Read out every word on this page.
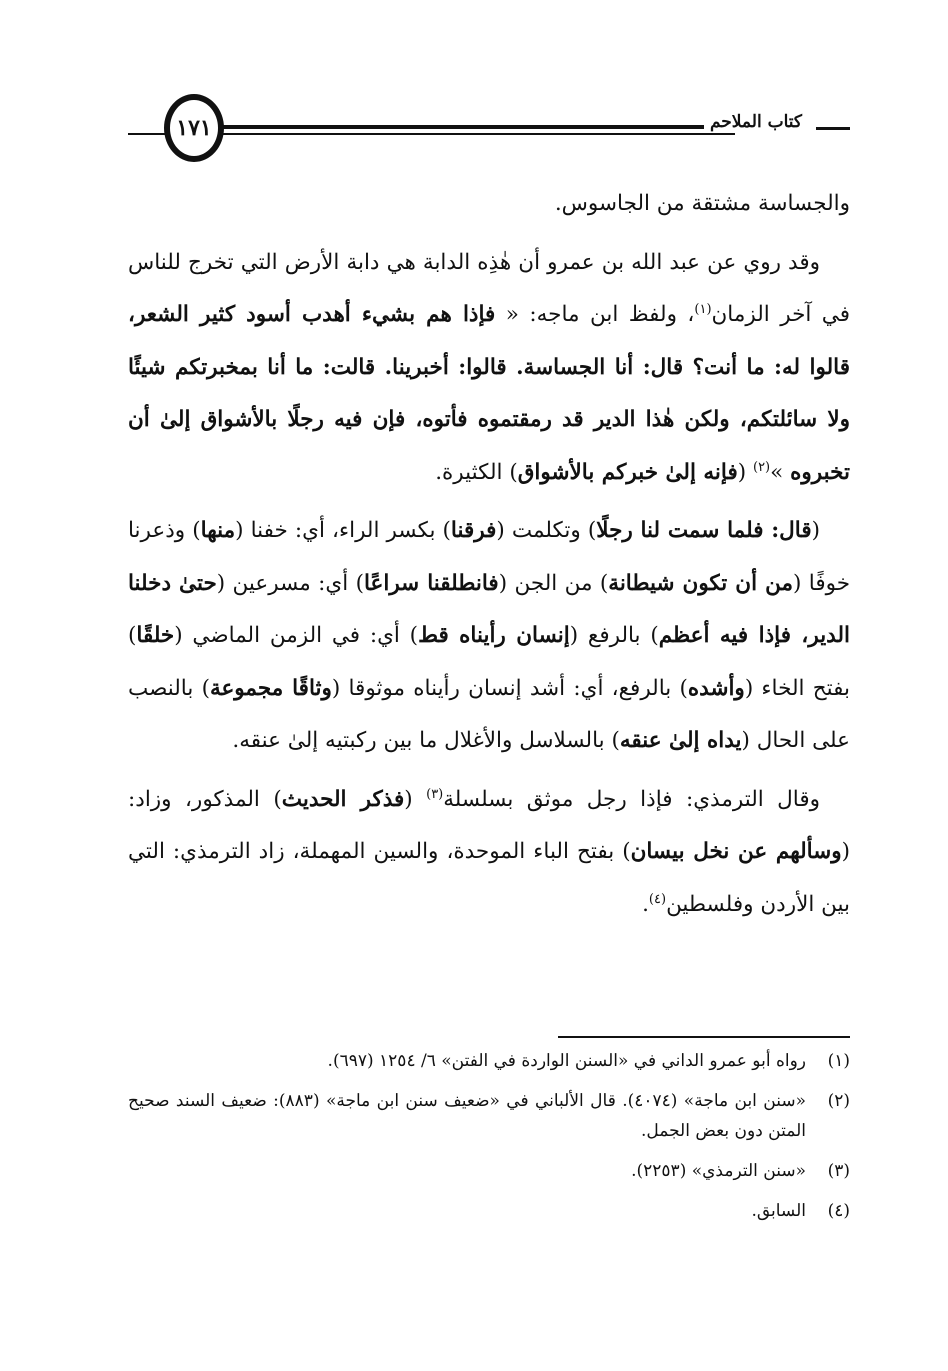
كتاب الملاحم
١٧١

والجساسة مشتقة من الجاسوس.

وقد روي عن عبد الله بن عمرو أن هٰذِه الدابة هي دابة الأرض التي تخرج للناس في آخر الزمان$^{(١)}$، ولفظ ابن ماجه: « فإذا هم بشيء أهدب أسود كثير الشعر، قالوا له: ما أنت؟ قال: أنا الجساسة. قالوا: أخبرينا. قالت: ما أنا بمخبرتكم شيئًا ولا سائلتكم، ولكن هٰذا الدير قد رمقتموه فأتوه، فإن فيه رجلًا بالأشواق إلىٰ أن تخبروه »$^{(٢)}$ (فإنه إلىٰ خبركم بالأشواق) الكثيرة.

(قال: فلما سمت لنا رجلًا) وتكلمت (فرقنا) بكسر الراء، أي: خفنا (منها) وذعرنا خوفًا (من أن تكون شيطانة) من الجن (فانطلقنا سراعًا) أي: مسرعين (حتىٰ دخلنا الدير، فإذا فيه أعظم) بالرفع (إنسان رأيناه قط) أي: في الزمن الماضي (خلقًا) بفتح الخاء (وأشده) بالرفع، أي: أشد إنسان رأيناه موثوقا (وثاقًا مجموعة) بالنصب على الحال (يداه إلىٰ عنقه) بالسلاسل والأغلال ما بين ركبتيه إلىٰ عنقه.

وقال الترمذي: فإذا رجل موثق بسلسلة$^{(٣)}$ (فذكر الحديث) المذكور، وزاد: (وسألهم عن نخل بيسان) بفتح الباء الموحدة، والسين المهملة، زاد الترمذي: التي بين الأردن وفلسطين$^{(٤)}$.

(١)
رواه أبو عمرو الداني في «السنن الواردة في الفتن» ٦/ ١٢٥٤ (٦٩٧).
(٢)
«سنن ابن ماجة» (٤٠٧٤). قال الألباني في «ضعيف سنن ابن ماجة» (٨٨٣): ضعيف السند صحيح المتن دون بعض الجمل.
(٣)
«سنن الترمذي» (٢٢٥٣).
(٤)
السابق.
